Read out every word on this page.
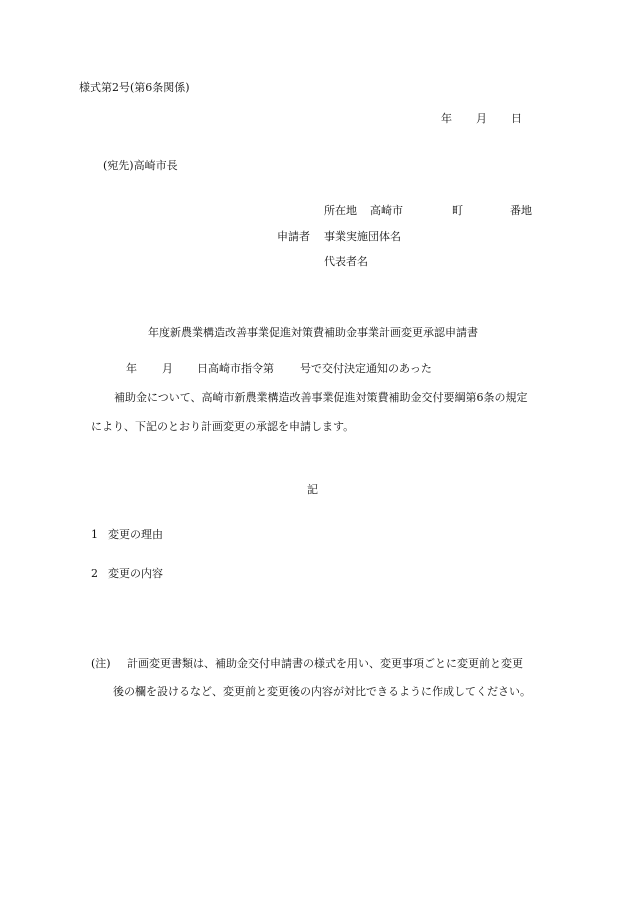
様式第2号(第6条関係)
年 月 日
(宛先)高崎市長
所在地 高崎市	町	番地
申請者 事業実施団体名
代表者名
年度新農業構造改善事業促進対策費補助金事業計画変更承認申請書
年 月 日高崎市指令第 号で交付決定通知のあった
補助金について、高崎市新農業構造改善事業促進対策費補助金交付要綱第6条の規定
により、下記のとおり計画変更の承認を申請します。
記
1 変更の理由
2 変更の内容
(注) 計画変更書類は、補助金交付申請書の様式を用い、変更事項ごとに変更前と変更
後の欄を設けるなど、変更前と変更後の内容が対比できるように作成してください。
